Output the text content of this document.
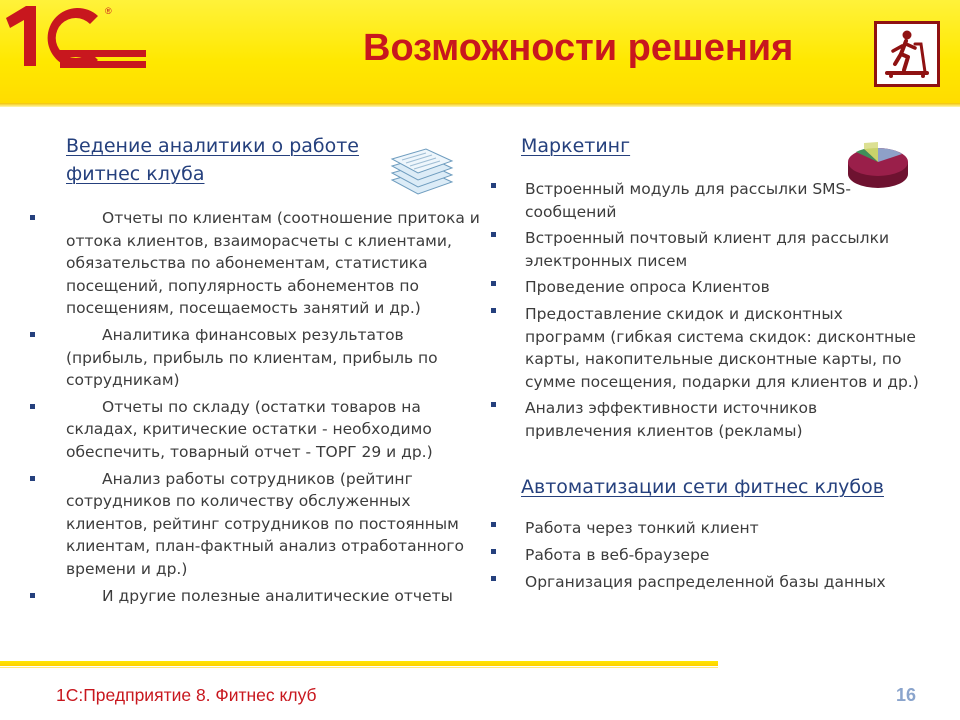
®
Возможности решения
Ведение аналитики о работе фитнес клуба
Отчеты по клиентам (соотношение притока и оттока клиентов, взаиморасчеты с клиентами, обязательства по абонементам, статистика посещений, популярность абонементов по посещениям, посещаемость занятий и др.)
Аналитика финансовых результатов (прибыль, прибыль по клиентам, прибыль по сотрудникам)
Отчеты по складу (остатки товаров на складах, критические остатки - необходимо обеспечить, товарный отчет - ТОРГ 29 и др.)
Анализ работы сотрудников (рейтинг сотрудников по количеству обслуженных клиентов, рейтинг сотрудников по постоянным клиентам, план-фактный анализ отработанного времени и др.)
И другие полезные аналитические отчеты
Маркетинг
Встроенный модуль для рассылки SMS-сообщений
Встроенный почтовый клиент для рассылки электронных писем
Проведение опроса Клиентов
Предоставление скидок и дисконтных программ (гибкая система скидок: дисконтные карты, накопительные дисконтные карты, по сумме посещения, подарки для клиентов и др.)
Анализ эффективности источников привлечения клиентов (рекламы)
Автоматизации сети фитнес клубов
Работа через тонкий клиент
Работа в веб-браузере
Организация распределенной базы данных

1С:Предприятие 8. Фитнес клуб	16
